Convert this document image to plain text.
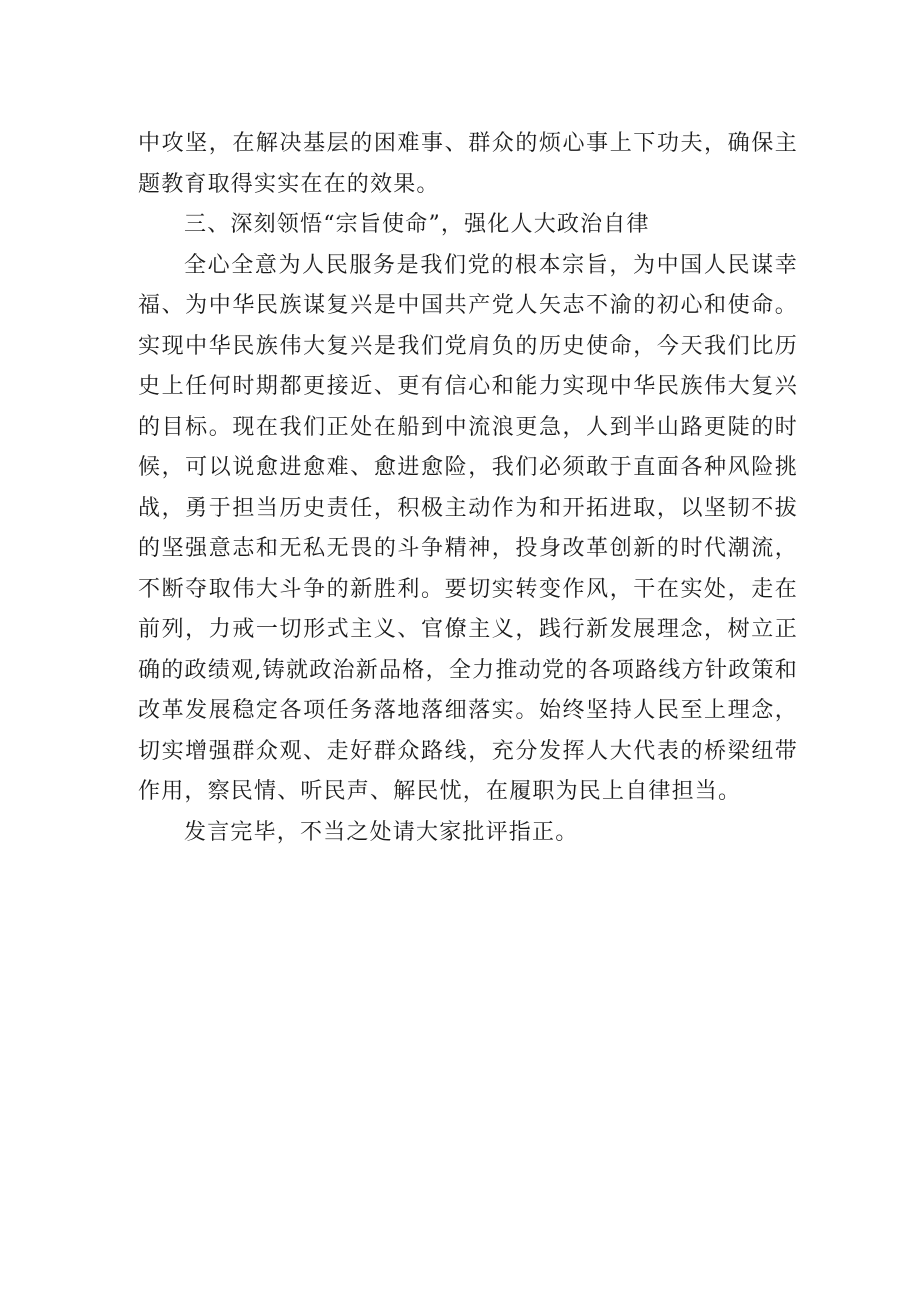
中攻坚，在解决基层的困难事、群众的烦心事上下功夫，确保主题教育取得实实在在的效果。

三、深刻领悟“宗旨使命”，强化人大政治自律

全心全意为人民服务是我们党的根本宗旨，为中国人民谋幸福、为中华民族谋复兴是中国共产党人矢志不渝的初心和使命。实现中华民族伟大复兴是我们党肩负的历史使命，今天我们比历史上任何时期都更接近、更有信心和能力实现中华民族伟大复兴的目标。现在我们正处在船到中流浪更急，人到半山路更陡的时候，可以说愈进愈难、愈进愈险，我们必须敢于直面各种风险挑战，勇于担当历史责任，积极主动作为和开拓进取，以坚韧不拔的坚强意志和无私无畏的斗争精神，投身改革创新的时代潮流，不断夺取伟大斗争的新胜利。要切实转变作风，干在实处，走在前列，力戒一切形式主义、官僚主义，践行新发展理念，树立正确的政绩观,铸就政治新品格，全力推动党的各项路线方针政策和改革发展稳定各项任务落地落细落实。始终坚持人民至上理念，切实增强群众观、走好群众路线，充分发挥人大代表的桥梁纽带作用，察民情、听民声、解民忧，在履职为民上自律担当。

发言完毕，不当之处请大家批评指正。
